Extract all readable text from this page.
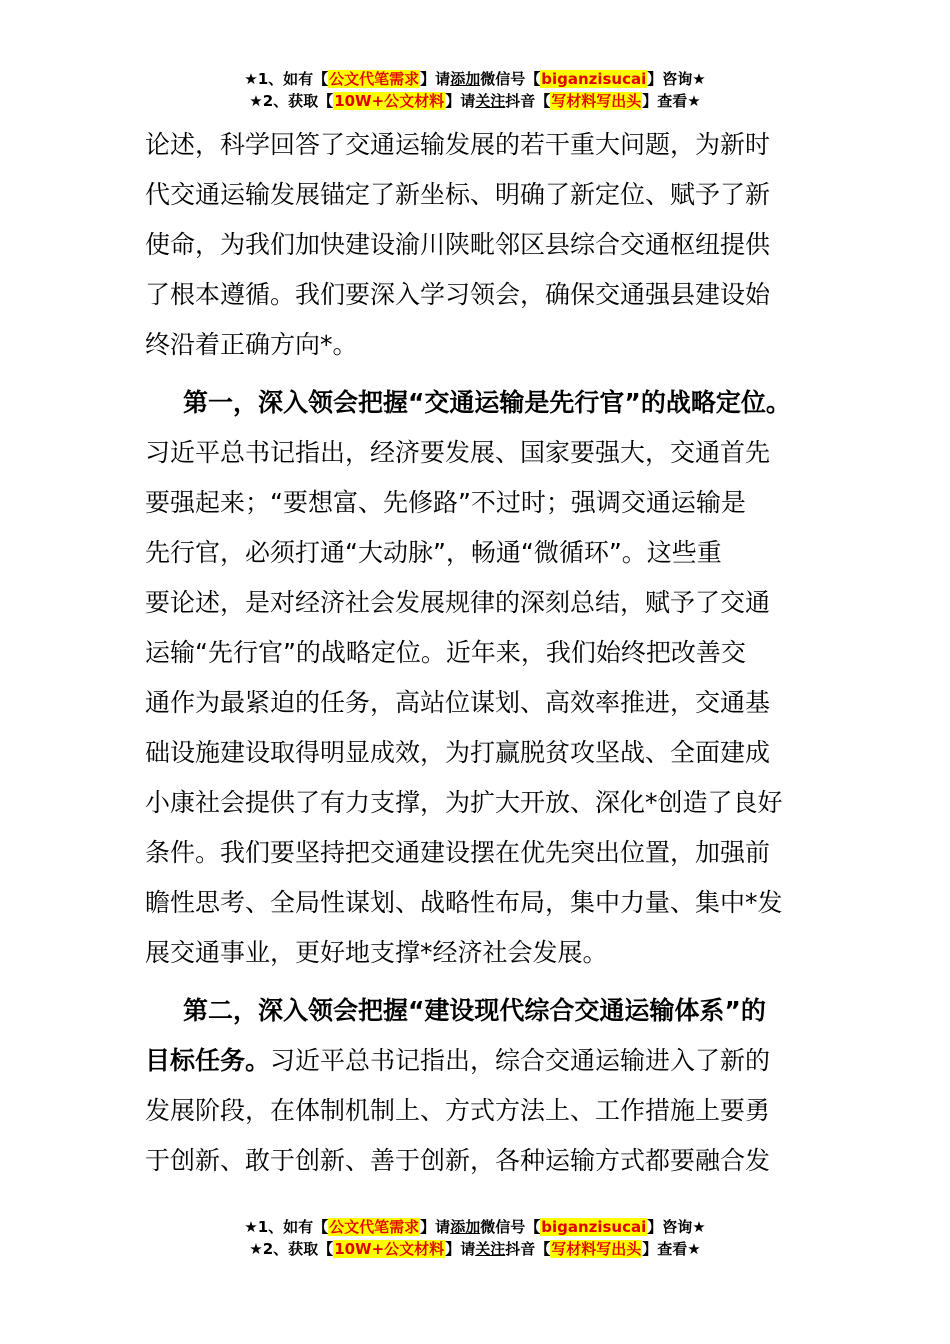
★1、如有【公文代笔需求】请添加微信号【biganzisucai】咨询★
★2、获取【10W+公文材料】请关注抖音【写材料写出头】查看★
论述，科学回答了交通运输发展的若干重大问题，为新时
代交通运输发展锚定了新坐标、明确了新定位、赋予了新
使命，为我们加快建设渝川陕毗邻区县综合交通枢纽提供
了根本遵循。我们要深入学习领会，确保交通强县建设始
终沿着正确方向*。
第一，深入领会把握“交通运输是先行官”的战略定位。
习近平总书记指出，经济要发展、国家要强大，交通首先
要强起来；“要想富、先修路”不过时；强调交通运输是
先行官，必须打通“大动脉”，畅通“微循环”。这些重
要论述，是对经济社会发展规律的深刻总结，赋予了交通
运输“先行官”的战略定位。近年来，我们始终把改善交
通作为最紧迫的任务，高站位谋划、高效率推进，交通基
础设施建设取得明显成效，为打赢脱贫攻坚战、全面建成
小康社会提供了有力支撑，为扩大开放、深化*创造了良好
条件。我们要坚持把交通建设摆在优先突出位置，加强前
瞻性思考、全局性谋划、战略性布局，集中力量、集中*发
展交通事业，更好地支撑*经济社会发展。
第二，深入领会把握“建设现代综合交通运输体系”的
目标任务。习近平总书记指出，综合交通运输进入了新的
发展阶段，在体制机制上、方式方法上、工作措施上要勇
于创新、敢于创新、善于创新，各种运输方式都要融合发
★1、如有【公文代笔需求】请添加微信号【biganzisucai】咨询★
★2、获取【10W+公文材料】请关注抖音【写材料写出头】查看★
